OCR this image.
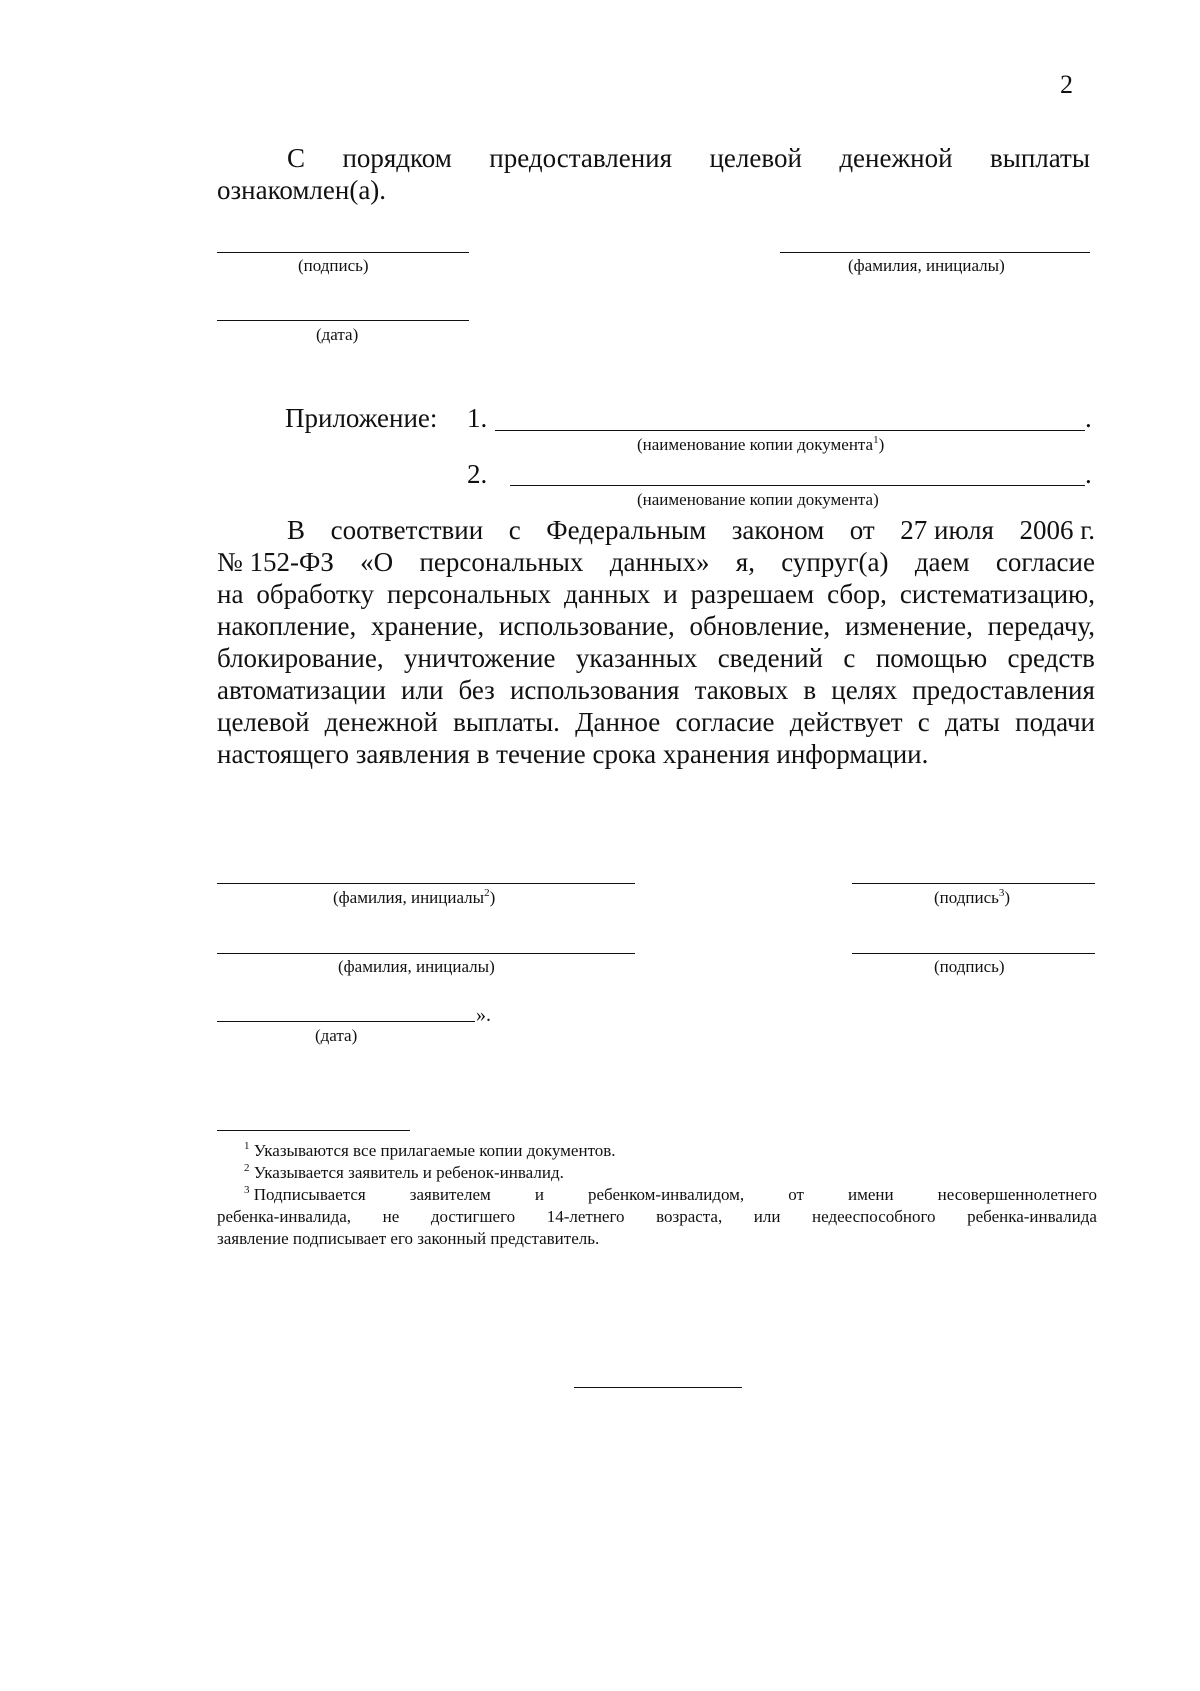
2
С порядком предоставления целевой денежной выплаты
ознакомлен(а).
(подпись)	(фамилия, инициалы)
(дата)
Приложение: 1.	.
(наименование копии документа$^1$)
2.	.
(наименование копии документа)
В соответствии с Федеральным законом от 27 июля 2006 г.
№ 152-ФЗ «О персональных данных» я, супруг(а) даем согласие
на обработку персональных данных и разрешаем сбор, систематизацию,
накопление, хранение, использование, обновление, изменение, передачу,
блокирование, уничтожение указанных сведений с помощью средств
автоматизации или без использования таковых в целях предоставления
целевой денежной выплаты. Данное согласие действует с даты подачи
настоящего заявления в течение срока хранения информации.
(фамилия, инициалы$^2$)	(подпись$^3$)
(фамилия, инициалы)	(подпись)
».
(дата)
$^1$ Указываются все прилагаемые копии документов.
$^2$ Указывается заявитель и ребенок-инвалид.
$^3$ Подписывается	заявителем	и	ребенком-инвалидом,	от	имени	несовершеннолетнего
ребенка-инвалида, не достигшего 14-летнего возраста, или недееспособного ребенка-инвалида
заявление подписывает его законный представитель.
